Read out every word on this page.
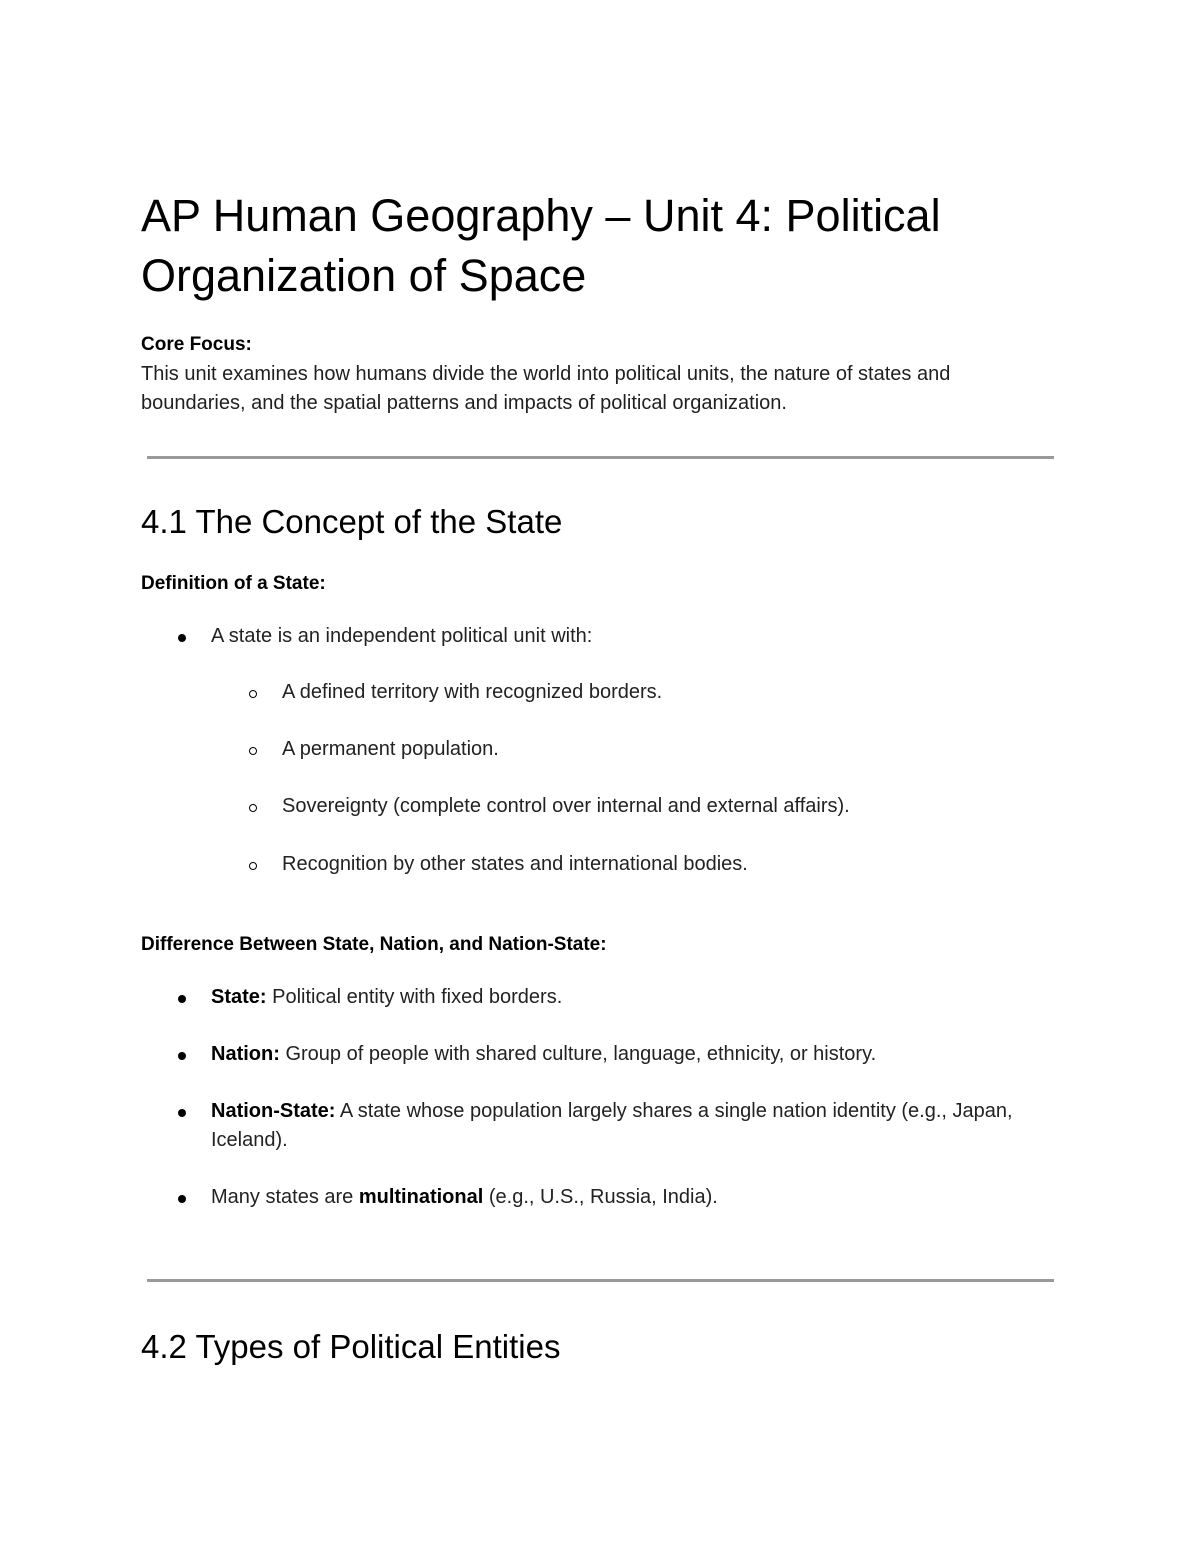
AP Human Geography – Unit 4: Political Organization of Space
Core Focus:
This unit examines how humans divide the world into political units, the nature of states and boundaries, and the spatial patterns and impacts of political organization.
4.1 The Concept of the State
Definition of a State:
A state is an independent political unit with:
A defined territory with recognized borders.
A permanent population.
Sovereignty (complete control over internal and external affairs).
Recognition by other states and international bodies.
Difference Between State, Nation, and Nation-State:
State: Political entity with fixed borders.
Nation: Group of people with shared culture, language, ethnicity, or history.
Nation-State: A state whose population largely shares a single nation identity (e.g., Japan, Iceland).
Many states are multinational (e.g., U.S., Russia, India).
4.2 Types of Political Entities
